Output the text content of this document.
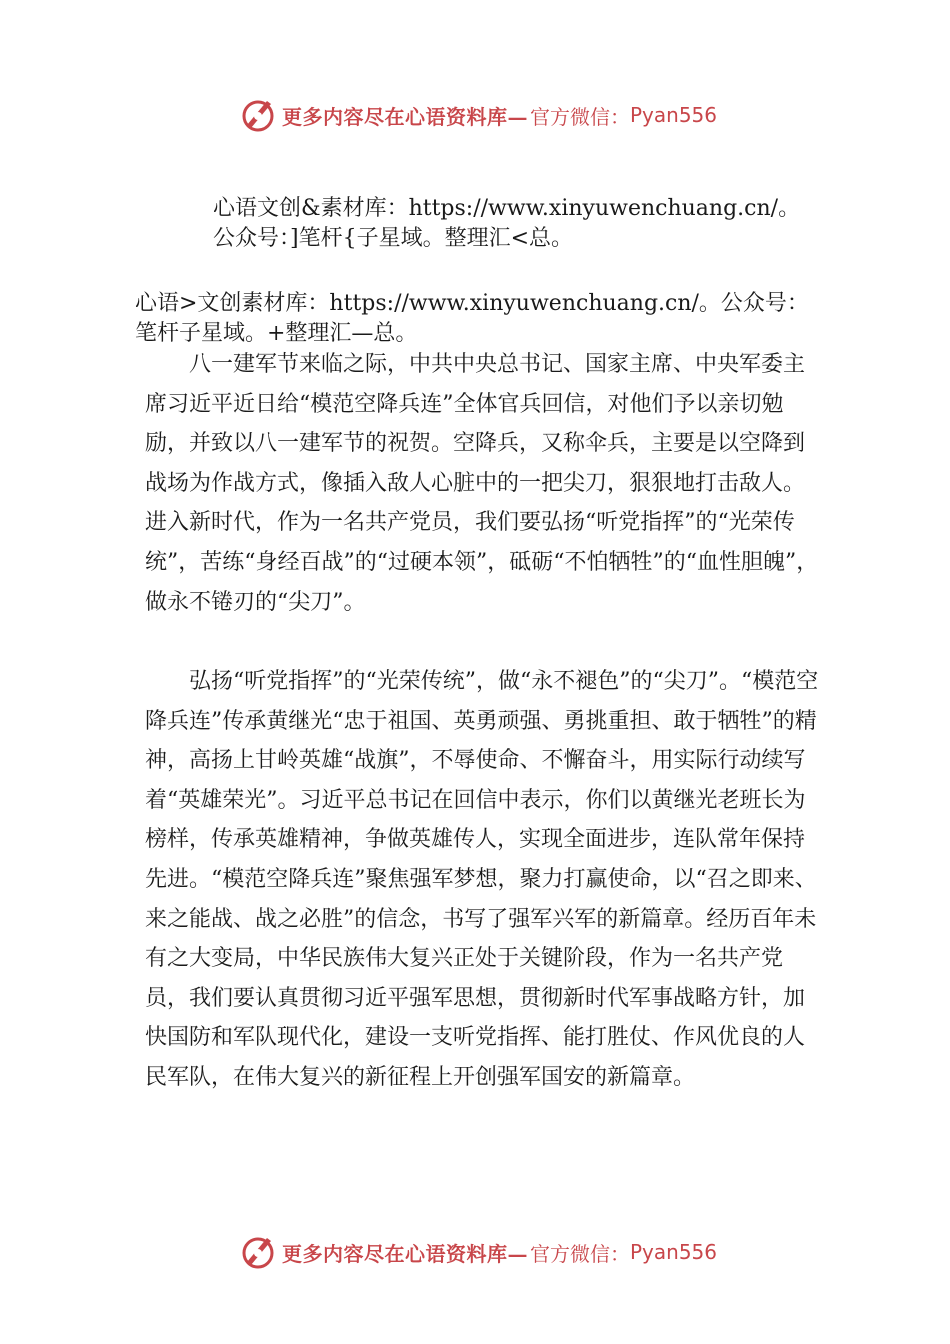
更多内容尽在心语资料库— 官方微信： Pyan556
心语文创&素材库：https://www.xinyuwenchuang.cn/。
公众号：]笔杆{子星域。整理汇<总。
心语>文创素材库：https://www.xinyuwenchuang.cn/。公众号：
笔杆子星域。+整理汇—总。

八一建军节来临之际，中共中央总书记、国家主席、中央军委主席习近平近日给“模范空降兵连”全体官兵回信，对他们予以亲切勉励，并致以八一建军节的祝贺。空降兵，又称伞兵，主要是以空降到战场为作战方式，像插入敌人心脏中的一把尖刀，狠狠地打击敌人。进入新时代，作为一名共产党员，我们要弘扬“听党指挥”的“光荣传统”，苦练“身经百战”的“过硬本领”，砥砺“不怕牺牲”的“血性胆魄”，做永不锩刃的“尖刀”。

弘扬“听党指挥”的“光荣传统”，做“永不褪色”的“尖刀”。“模范空降兵连”传承黄继光“忠于祖国、英勇顽强、勇挑重担、敢于牺牲”的精神，高扬上甘岭英雄“战旗”，不辱使命、不懈奋斗，用实际行动续写着“英雄荣光”。习近平总书记在回信中表示，你们以黄继光老班长为榜样，传承英雄精神，争做英雄传人，实现全面进步，连队常年保持先进。“模范空降兵连”聚焦强军梦想，聚力打赢使命，以“召之即来、来之能战、战之必胜”的信念，书写了强军兴军的新篇章。经历百年未有之大变局，中华民族伟大复兴正处于关键阶段，作为一名共产党员，我们要认真贯彻习近平强军思想，贯彻新时代军事战略方针，加快国防和军队现代化，建设一支听党指挥、能打胜仗、作风优良的人民军队，在伟大复兴的新征程上开创强军国安的新篇章。

更多内容尽在心语资料库— 官方微信： Pyan556
